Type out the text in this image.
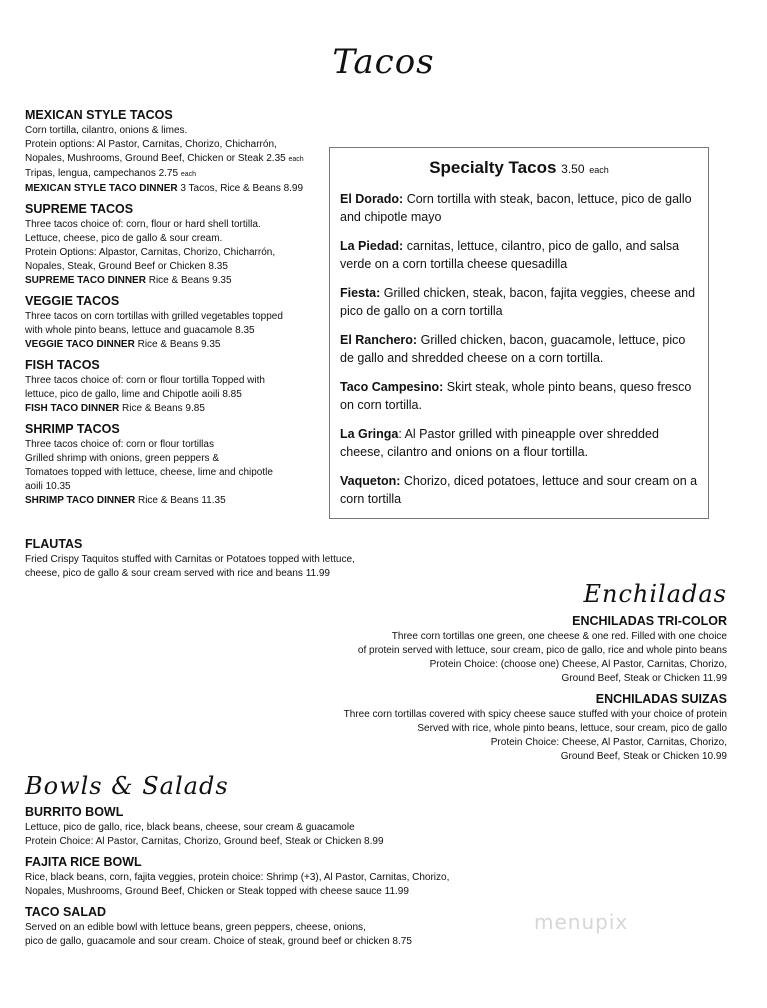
Tacos
MEXICAN STYLE TACOS
Corn tortilla, cilantro, onions & limes.
Protein options: Al Pastor, Carnitas, Chorizo, Chicharrón,
Nopales, Mushrooms, Ground Beef, Chicken or Steak 2.35 each
Tripas, lengua, campechanos 2.75 each
MEXICAN STYLE TACO DINNER 3 Tacos, Rice & Beans 8.99
SUPREME TACOS
Three tacos choice of: corn, flour or hard shell tortilla.
Lettuce, cheese, pico de gallo & sour cream.
Protein Options: Alpastor, Carnitas, Chorizo, Chicharrón,
Nopales, Steak, Ground Beef or Chicken 8.35
SUPREME TACO DINNER Rice & Beans 9.35
VEGGIE TACOS
Three tacos on corn tortillas with grilled vegetables topped
with whole pinto beans, lettuce and guacamole 8.35
VEGGIE TACO DINNER Rice & Beans 9.35
FISH TACOS
Three tacos choice of: corn or flour tortilla Topped with
lettuce, pico de gallo, lime and Chipotle aoili 8.85
FISH TACO DINNER Rice & Beans 9.85
SHRIMP TACOS
Three tacos choice of: corn or flour tortillas
Grilled shrimp with onions, green peppers &
Tomatoes topped with lettuce, cheese, lime and chipotle
aoili 10.35
SHRIMP TACO DINNER Rice & Beans 11.35
Specialty Tacos 3.50 each
El Dorado: Corn tortilla with steak, bacon, lettuce, pico de gallo and chipotle mayo
La Piedad: carnitas, lettuce, cilantro, pico de gallo, and salsa verde on a corn tortilla cheese quesadilla
Fiesta: Grilled chicken, steak, bacon, fajita veggies, cheese and pico de gallo on a corn tortilla
El Ranchero: Grilled chicken, bacon, guacamole, lettuce, pico de gallo and shredded cheese on a corn tortilla.
Taco Campesino: Skirt steak, whole pinto beans, queso fresco on corn tortilla.
La Gringa: Al Pastor grilled with pineapple over shredded cheese, cilantro and onions on a flour tortilla.
Vaqueton: Chorizo, diced potatoes, lettuce and sour cream on a corn tortilla
FLAUTAS
Fried Crispy Taquitos stuffed with Carnitas or Potatoes topped with lettuce,
cheese, pico de gallo & sour cream served with rice and beans 11.99
Enchiladas
ENCHILADAS TRI-COLOR
Three corn tortillas one green, one cheese & one red. Filled with one choice
of protein served with lettuce, sour cream, pico de gallo, rice and whole pinto beans
Protein Choice: (choose one) Cheese, Al Pastor, Carnitas, Chorizo,
Ground Beef, Steak or Chicken 11.99
ENCHILADAS SUIZAS
Three corn tortillas covered with spicy cheese sauce stuffed with your choice of protein
Served with rice, whole pinto beans, lettuce, sour cream, pico de gallo
Protein Choice: Cheese, Al Pastor, Carnitas, Chorizo,
Ground Beef, Steak or Chicken 10.99
Bowls & Salads
BURRITO BOWL
Lettuce, pico de gallo, rice, black beans, cheese, sour cream & guacamole
Protein Choice: Al Pastor, Carnitas, Chorizo, Ground beef, Steak or Chicken 8.99
FAJITA RICE BOWL
Rice, black beans, corn, fajita veggies, protein choice: Shrimp (+3), Al Pastor, Carnitas, Chorizo,
Nopales, Mushrooms, Ground Beef, Chicken or Steak topped with cheese sauce 11.99
TACO SALAD
Served on an edible bowl with lettuce beans, green peppers, cheese, onions,
pico de gallo, guacamole and sour cream. Choice of steak, ground beef or chicken 8.75
menupix
